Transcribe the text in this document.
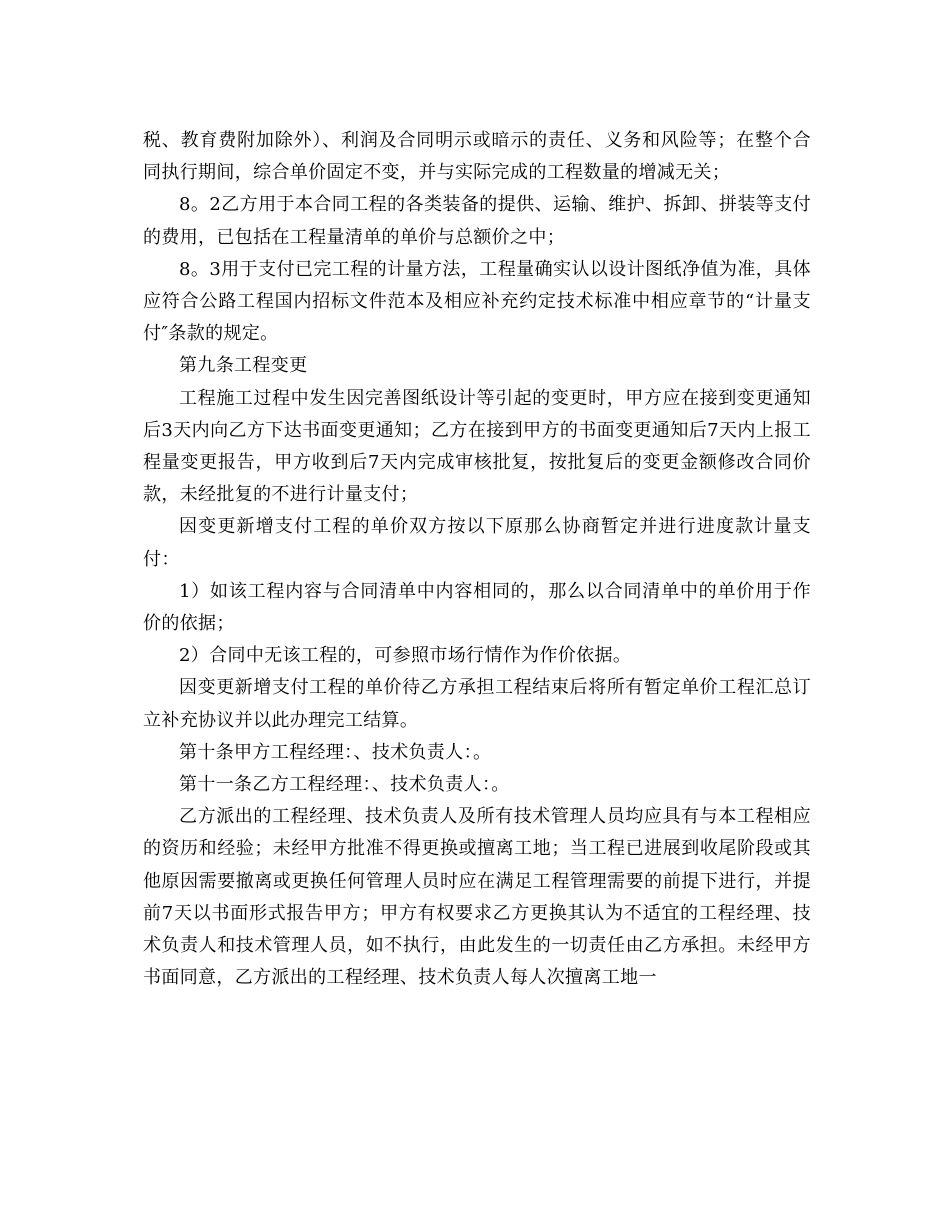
税、教育费附加除外）、利润及合同明示或暗示的责任、义务和风险等；在整个合同执行期间，综合单价固定不变，并与实际完成的工程数量的增减无关；

8。2乙方用于本合同工程的各类装备的提供、运输、维护、拆卸、拼装等支付的费用，已包括在工程量清单的单价与总额价之中；

8。3用于支付已完工程的计量方法，工程量确实认以设计图纸净值为准，具体应符合公路工程国内招标文件范本及相应补充约定技术标准中相应章节的“计量支付″条款的规定。

第九条工程变更

工程施工过程中发生因完善图纸设计等引起的变更时，甲方应在接到变更通知后3天内向乙方下达书面变更通知；乙方在接到甲方的书面变更通知后7天内上报工程量变更报告，甲方收到后7天内完成审核批复，按批复后的变更金额修改合同价款，未经批复的不进行计量支付；

因变更新增支付工程的单价双方按以下原那么协商暂定并进行进度款计量支付：

1）如该工程内容与合同清单中内容相同的，那么以合同清单中的单价用于作价的依据；

2）合同中无该工程的，可参照市场行情作为作价依据。

因变更新增支付工程的单价待乙方承担工程结束后将所有暂定单价工程汇总订立补充协议并以此办理完工结算。

第十条甲方工程经理：、技术负责人：。

第十一条乙方工程经理：、技术负责人：。

乙方派出的工程经理、技术负责人及所有技术管理人员均应具有与本工程相应的资历和经验；未经甲方批准不得更换或擅离工地；当工程已进展到收尾阶段或其他原因需要撤离或更换任何管理人员时应在满足工程管理需要的前提下进行，并提前7天以书面形式报告甲方；甲方有权要求乙方更换其认为不适宜的工程经理、技术负责人和技术管理人员，如不执行，由此发生的一切责任由乙方承担。未经甲方书面同意，乙方派出的工程经理、技术负责人每人次擅离工地一
